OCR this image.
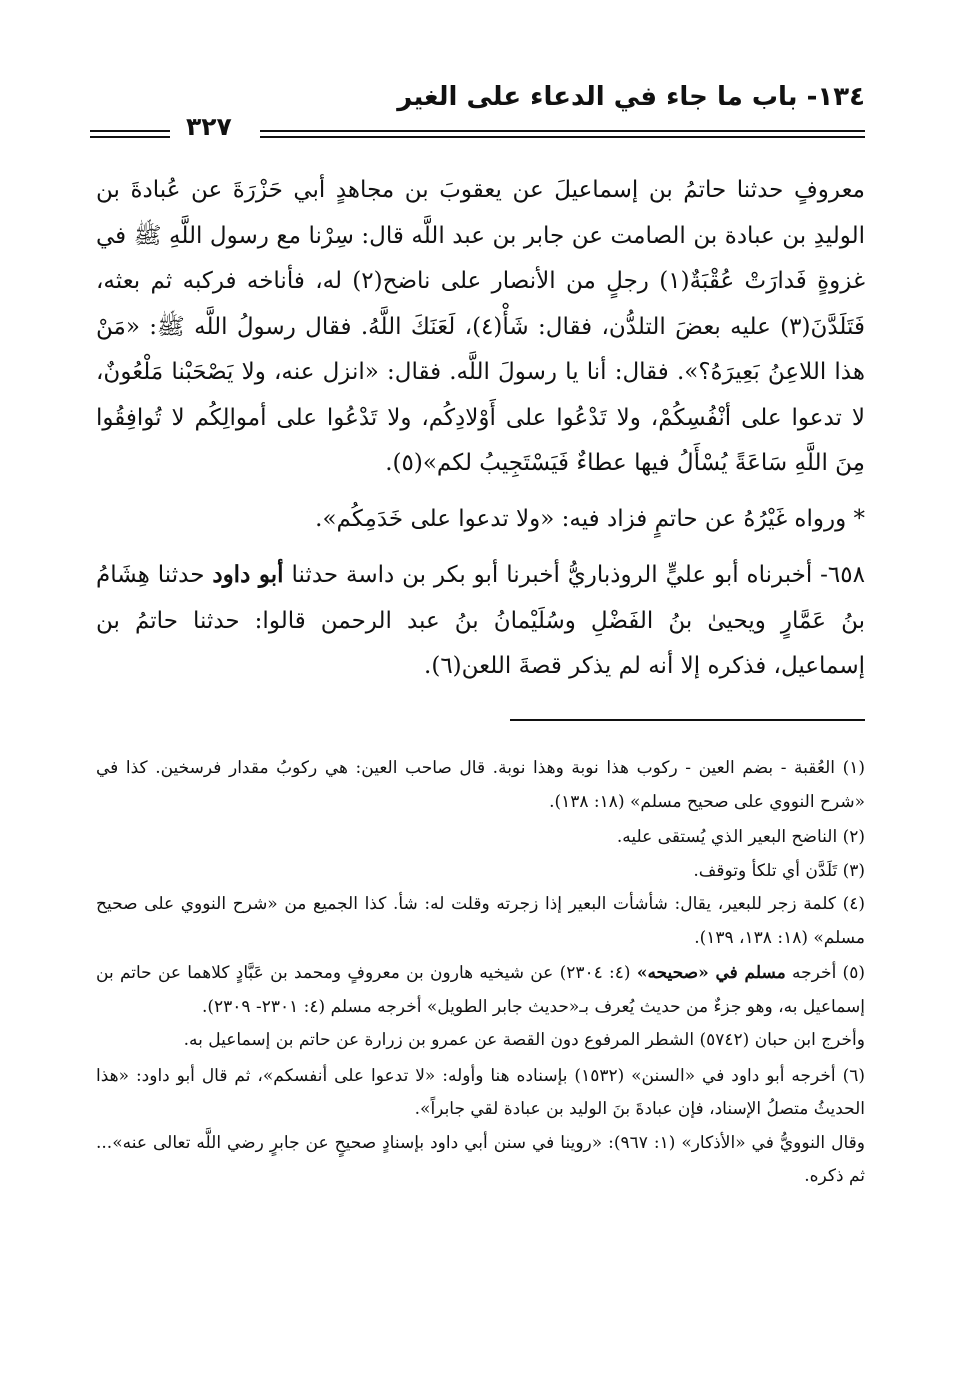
١٣٤- باب ما جاء في الدعاء على الغير
٣٢٧

معروفٍ حدثنا حاتمُ بن إسماعيلَ عن يعقوبَ بن مجاهدٍ أبي حَزْرَةَ عن عُبادةَ بن الوليدِ بن عبادة بن الصامت عن جابر بن عبد اللَّه قال: سِرْنا مع رسول اللَّهِ ﷺ في غزوةٍ فَدارَتْ عُقْبَةٌ(١) رجلٍ من الأنصار على ناضح(٢) له، فأناخه فركبه ثم بعثه، فَتَلَدَّنَ(٣) عليه بعضَ التلدُّن، فقال: شَأْ(٤)، لَعَنَكَ اللَّهُ. فقال رسولُ اللَّه ﷺ: «مَنْ هذا اللاعِنُ بَعِيرَهُ؟». فقال: أنا يا رسولَ اللَّه. فقال: «انزل عنه، ولا يَصْحَبْنا مَلْعُونٌ، لا تدعوا على أنْفُسِكُمْ، ولا تَدْعُوا على أَوْلادِكُم، ولا تَدْعُوا على أموالِكُم لا تُوافِقُوا مِنَ اللَّهِ سَاعَةً يُسْأَلُ فيها عطاءٌ فَيَسْتَجِيبُ لكم»(٥).

* ورواه غَيْرُهُ عن حاتمٍ فزاد فيه: «ولا تدعوا على خَدَمِكُم».

٦٥٨- أخبرناه أبو عليٍّ الروذباريُّ أخبرنا أبو بكر بن داسة حدثنا أبو داود حدثنا هِشَامُ بنُ عَمَّارٍ ويحيىٰ بنُ الفَضْلِ وسُلَيْمانُ بنُ عبد الرحمن قالوا: حدثنا حاتمُ بن إسماعيل، فذكره إلا أنه لم يذكر قصةَ اللعن(٦).

(١) العُقبة - بضم العين - ركوب هذا نوبة وهذا نوبة. قال صاحب العين: هي ركوبُ مقدار فرسخين. كذا في «شرح النووي على صحيح مسلم» (١٨: ١٣٨).

(٢) الناضح البعير الذي يُستقى عليه.

(٣) تَلَدَّن أي تلكأ وتوقف.

(٤) كلمة زجر للبعير، يقال: شأشأت البعير إذا زجرته وقلت له: شأ. كذا الجميع من «شرح النووي على صحيح مسلم» (١٨: ١٣٨، ١٣٩).

(٥) أخرجه مسلم في «صحيحه» (٤: ٢٣٠٤) عن شيخيه هارون بن معروفٍ ومحمد بن عَبَّادٍ كلاهما عن حاتم بن إسماعيل به، وهو جزءٌ من حديث يُعرف بـ«حديث جابر الطويل» أخرجه مسلم (٤: ٢٣٠١- ٢٣٠٩).

وأخرج ابن حبان (٥٧٤٢) الشطر المرفوع دون القصة عن عمرو بن زرارة عن حاتم بن إسماعيل به.

(٦) أخرجه أبو داود في «السنن» (١٥٣٢) بإسناده هنا وأوله: «لا تدعوا على أنفسكم»، ثم قال أبو داود: «هذا الحديثُ متصلُ الإسناد، فإن عبادةَ بنَ الوليد بن عبادة لقي جابراً».

وقال النوويُّ في «الأذكار» (١: ٩٦٧): «روينا في سنن أبي داود بإسنادٍ صحيحٍ عن جابرٍ رضي اللَّه تعالى عنه»... ثم ذكره.
